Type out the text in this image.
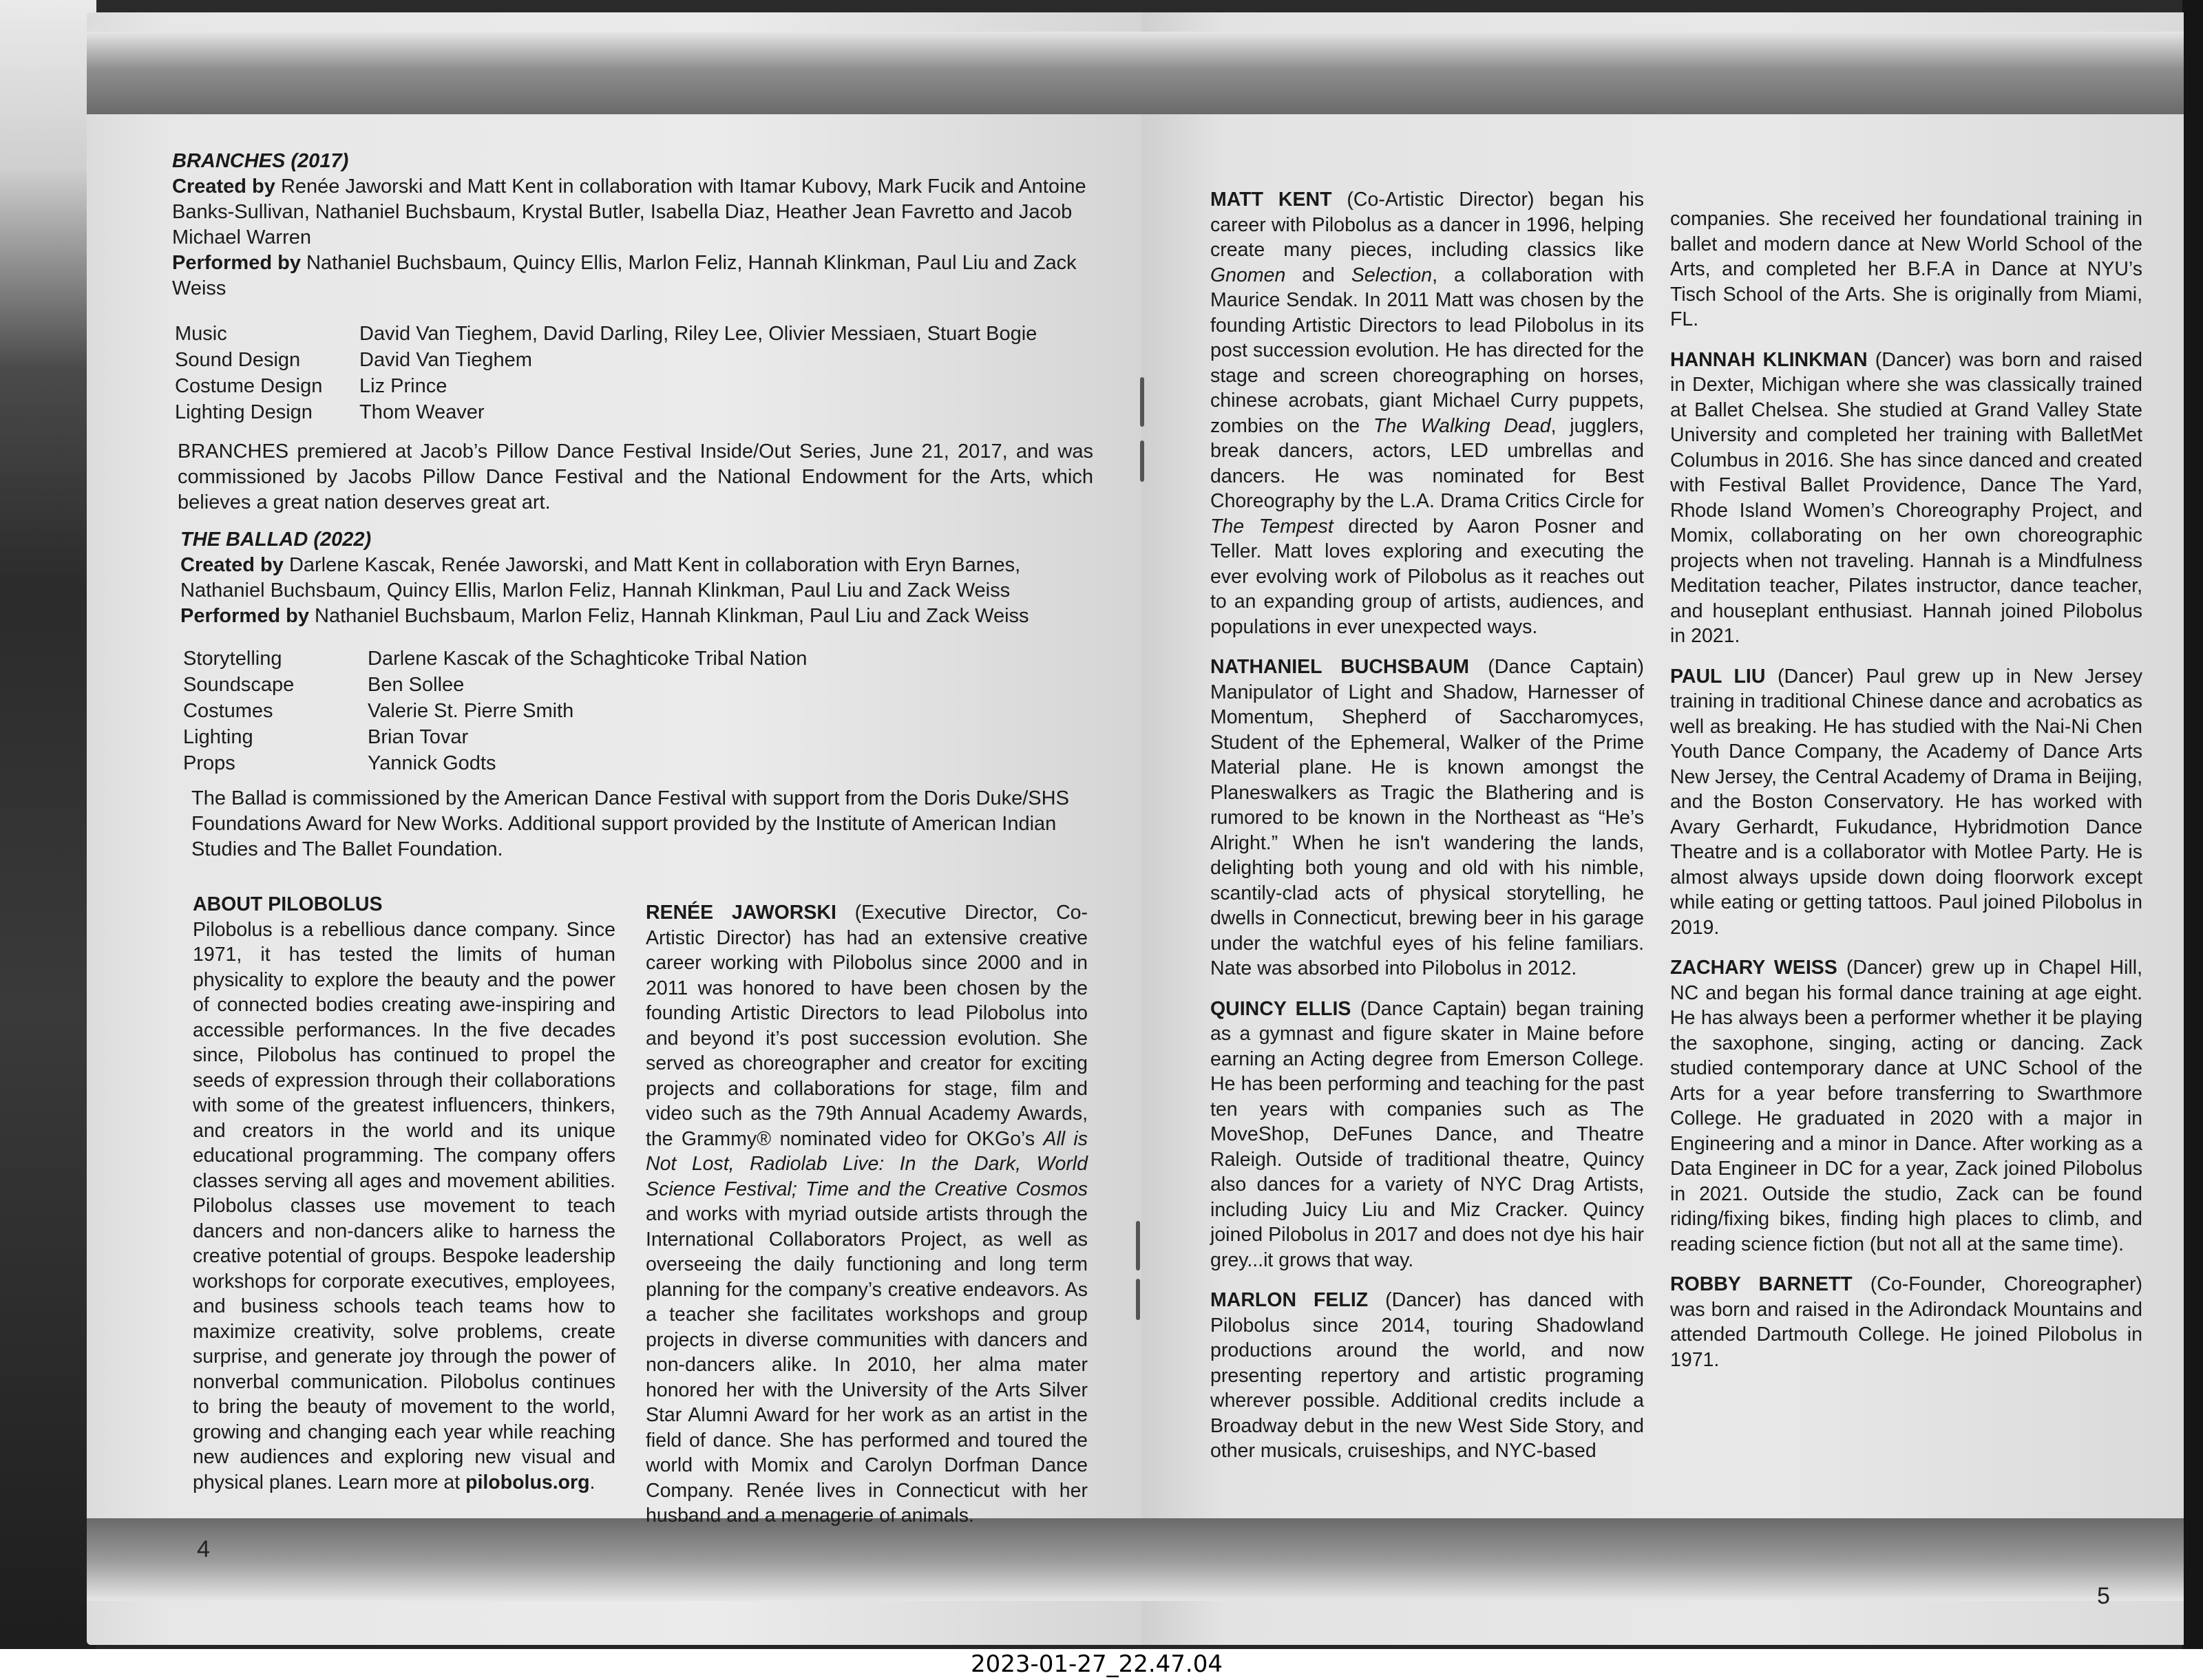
BRANCHES (2017)

Created by Renée Jaworski and Matt Kent in collaboration with Itamar Kubovy, Mark Fucik and Antoine Banks-Sullivan, Nathaniel Buchsbaum, Krystal Butler, Isabella Diaz, Heather Jean Favretto and Jacob Michael Warren

Performed by Nathaniel Buchsbaum, Quincy Ellis, Marlon Feliz, Hannah Klinkman, Paul Liu and Zack Weiss

Music	David Van Tieghem, David Darling, Riley Lee, Olivier Messiaen, Stuart Bogie
Sound Design	David Van Tieghem
Costume Design	Liz Prince
Lighting Design	Thom Weaver
BRANCHES premiered at Jacob’s Pillow Dance Festival Inside/Out Series, June 21, 2017, and was commissioned by Jacobs Pillow Dance Festival and the National Endowment for the Arts, which believes a great nation deserves great art.

THE BALLAD (2022)

Created by Darlene Kascak, Renée Jaworski, and Matt Kent in collaboration with Eryn Barnes, Nathaniel Buchsbaum, Quincy Ellis, Marlon Feliz, Hannah Klinkman, Paul Liu and Zack Weiss

Performed by Nathaniel Buchsbaum, Marlon Feliz, Hannah Klinkman, Paul Liu and Zack Weiss

Storytelling	Darlene Kascak of the Schaghticoke Tribal Nation
Soundscape	Ben Sollee
Costumes	Valerie St. Pierre Smith
Lighting	Brian Tovar
Props	Yannick Godts
The Ballad is commissioned by the American Dance Festival with support from the Doris Duke/SHS Foundations Award for New Works. Additional support provided by the Institute of American Indian Studies and The Ballet Foundation.

ABOUT PILOBOLUS

Pilobolus is a rebellious dance company. Since 1971, it has tested the limits of human physicality to explore the beauty and the power of connected bodies creating awe-inspiring and accessible performances. In the five decades since, Pilobolus has continued to propel the seeds of expression through their collaborations with some of the greatest influencers, thinkers, and creators in the world and its unique educational programming. The company offers classes serving all ages and movement abilities. Pilobolus classes use movement to teach dancers and non-dancers alike to harness the creative potential of groups. Bespoke leadership workshops for corporate executives, employees, and business schools teach teams how to maximize creativity, solve problems, create surprise, and generate joy through the power of nonverbal communication. Pilobolus continues to bring the beauty of movement to the world, growing and changing each year while reaching new audiences and exploring new visual and physical planes. Learn more at pilobolus.org.

RENÉE JAWORSKI (Executive Director, Co-Artistic Director) has had an extensive creative career working with Pilobolus since 2000 and in 2011 was honored to have been chosen by the founding Artistic Directors to lead Pilobolus into and beyond it’s post succession evolution. She served as choreographer and creator for exciting projects and collaborations for stage, film and video such as the 79th Annual Academy Awards, the Grammy® nominated video for OKGo’s All is Not Lost, Radiolab Live: In the Dark, World Science Festival; Time and the Creative Cosmos and works with myriad outside artists through the International Collaborators Project, as well as overseeing the daily functioning and long term planning for the company’s creative endeavors. As a teacher she facilitates workshops and group projects in diverse communities with dancers and non-dancers alike. In 2010, her alma mater honored her with the University of the Arts Silver Star Alumni Award for her work as an artist in the field of dance. She has performed and toured the world with Momix and Carolyn Dorfman Dance Company. Renée lives in Connecticut with her husband and a menagerie of animals.

4

MATT KENT (Co-Artistic Director) began his career with Pilobolus as a dancer in 1996, helping create many pieces, including classics like Gnomen and Selection, a collaboration with Maurice Sendak. In 2011 Matt was chosen by the founding Artistic Directors to lead Pilobolus in its post succession evolution. He has directed for the stage and screen choreographing on horses, chinese acrobats, giant Michael Curry puppets, zombies on the The Walking Dead, jugglers, break dancers, actors, LED umbrellas and dancers. He was nominated for Best Choreography by the L.A. Drama Critics Circle for The Tempest directed by Aaron Posner and Teller. Matt loves exploring and executing the ever evolving work of Pilobolus as it reaches out to an expanding group of artists, audiences, and populations in ever unexpected ways.

NATHANIEL BUCHSBAUM (Dance Captain) Manipulator of Light and Shadow, Harnesser of Momentum, Shepherd of Saccharomyces, Student of the Ephemeral, Walker of the Prime Material plane. He is known amongst the Planeswalkers as Tragic the Blathering and is rumored to be known in the Northeast as “He’s Alright.” When he isn't wandering the lands, delighting both young and old with his nimble, scantily-clad acts of physical storytelling, he dwells in Connecticut, brewing beer in his garage under the watchful eyes of his feline familiars. Nate was absorbed into Pilobolus in 2012.

QUINCY ELLIS (Dance Captain) began training as a gymnast and figure skater in Maine before earning an Acting degree from Emerson College. He has been performing and teaching for the past ten years with companies such as The MoveShop, DeFunes Dance, and Theatre Raleigh. Outside of traditional theatre, Quincy also dances for a variety of NYC Drag Artists, including Juicy Liu and Miz Cracker. Quincy joined Pilobolus in 2017 and does not dye his hair grey...it grows that way.

MARLON FELIZ (Dancer) has danced with Pilobolus since 2014, touring Shadowland productions around the world, and now presenting repertory and artistic programing wherever possible. Additional credits include a Broadway debut in the new West Side Story, and other musicals, cruiseships, and NYC-based

companies. She received her foundational training in ballet and modern dance at New World School of the Arts, and completed her B.F.A in Dance at NYU’s Tisch School of the Arts. She is originally from Miami, FL.

HANNAH KLINKMAN (Dancer) was born and raised in Dexter, Michigan where she was classically trained at Ballet Chelsea. She studied at Grand Valley State University and completed her training with BalletMet Columbus in 2016. She has since danced and created with Festival Ballet Providence, Dance The Yard, Rhode Island Women’s Choreography Project, and Momix, collaborating on her own choreographic projects when not traveling. Hannah is a Mindfulness Meditation teacher, Pilates instructor, dance teacher, and houseplant enthusiast. Hannah joined Pilobolus in 2021.

PAUL LIU (Dancer) Paul grew up in New Jersey training in traditional Chinese dance and acrobatics as well as breaking. He has studied with the Nai-Ni Chen Youth Dance Company, the Academy of Dance Arts New Jersey, the Central Academy of Drama in Beijing, and the Boston Conservatory. He has worked with Avary Gerhardt, Fukudance, Hybridmotion Dance Theatre and is a collaborator with Motlee Party. He is almost always upside down doing floorwork except while eating or getting tattoos. Paul joined Pilobolus in 2019.

ZACHARY WEISS (Dancer) grew up in Chapel Hill, NC and began his formal dance training at age eight. He has always been a performer whether it be playing the saxophone, singing, acting or dancing. Zack studied contemporary dance at UNC School of the Arts for a year before transferring to Swarthmore College. He graduated in 2020 with a major in Engineering and a minor in Dance. After working as a Data Engineer in DC for a year, Zack joined Pilobolus in 2021. Outside the studio, Zack can be found riding/fixing bikes, finding high places to climb, and reading science fiction (but not all at the same time).

ROBBY BARNETT (Co-Founder, Choreographer) was born and raised in the Adirondack Mountains and attended Dartmouth College. He joined Pilobolus in 1971.

5
2023-01-27_22.47.04
